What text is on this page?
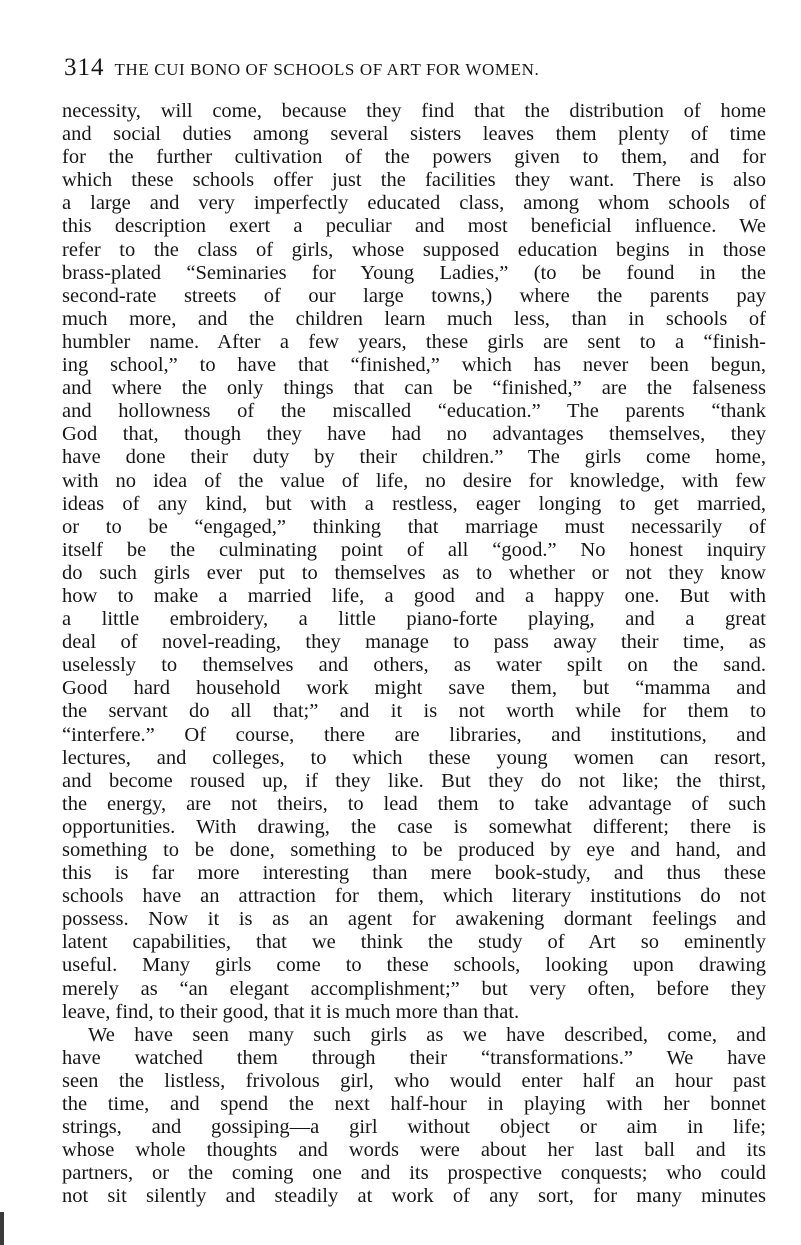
314 THE CUI BONO OF SCHOOLS OF ART FOR WOMEN.
necessity, will come, because they find that the distribution of home
and social duties among several sisters leaves them plenty of time
for the further cultivation of the powers given to them, and for
which these schools offer just the facilities they want. There is also
a large and very imperfectly educated class, among whom schools of
this description exert a peculiar and most beneficial influence. We
refer to the class of girls, whose supposed education begins in those
brass-plated “Seminaries for Young Ladies,” (to be found in the
second-rate streets of our large towns,) where the parents pay
much more, and the children learn much less, than in schools of
humbler name. After a few years, these girls are sent to a “finish-
ing school,” to have that “finished,” which has never been begun,
and where the only things that can be “finished,” are the falseness
and hollowness of the miscalled “education.” The parents “thank
God that, though they have had no advantages themselves, they
have done their duty by their children.” The girls come home,
with no idea of the value of life, no desire for knowledge, with few
ideas of any kind, but with a restless, eager longing to get married,
or to be “engaged,” thinking that marriage must necessarily of
itself be the culminating point of all “good.” No honest inquiry
do such girls ever put to themselves as to whether or not they know
how to make a married life, a good and a happy one. But with
a little embroidery, a little piano-forte playing, and a great
deal of novel-reading, they manage to pass away their time, as
uselessly to themselves and others, as water spilt on the sand.
Good hard household work might save them, but “mamma and
the servant do all that;” and it is not worth while for them to
“interfere.” Of course, there are libraries, and institutions, and
lectures, and colleges, to which these young women can resort,
and become roused up, if they like. But they do not like; the thirst,
the energy, are not theirs, to lead them to take advantage of such
opportunities. With drawing, the case is somewhat different; there is
something to be done, something to be produced by eye and hand, and
this is far more interesting than mere book-study, and thus these
schools have an attraction for them, which literary institutions do not
possess. Now it is as an agent for awakening dormant feelings and
latent capabilities, that we think the study of Art so eminently
useful. Many girls come to these schools, looking upon drawing
merely as “an elegant accomplishment;” but very often, before they
leave, find, to their good, that it is much more than that.
We have seen many such girls as we have described, come, and
have watched them through their “transformations.” We have
seen the listless, frivolous girl, who would enter half an hour past
the time, and spend the next half-hour in playing with her bonnet
strings, and gossiping—a girl without object or aim in life;
whose whole thoughts and words were about her last ball and its
partners, or the coming one and its prospective conquests; who could
not sit silently and steadily at work of any sort, for many minutes
